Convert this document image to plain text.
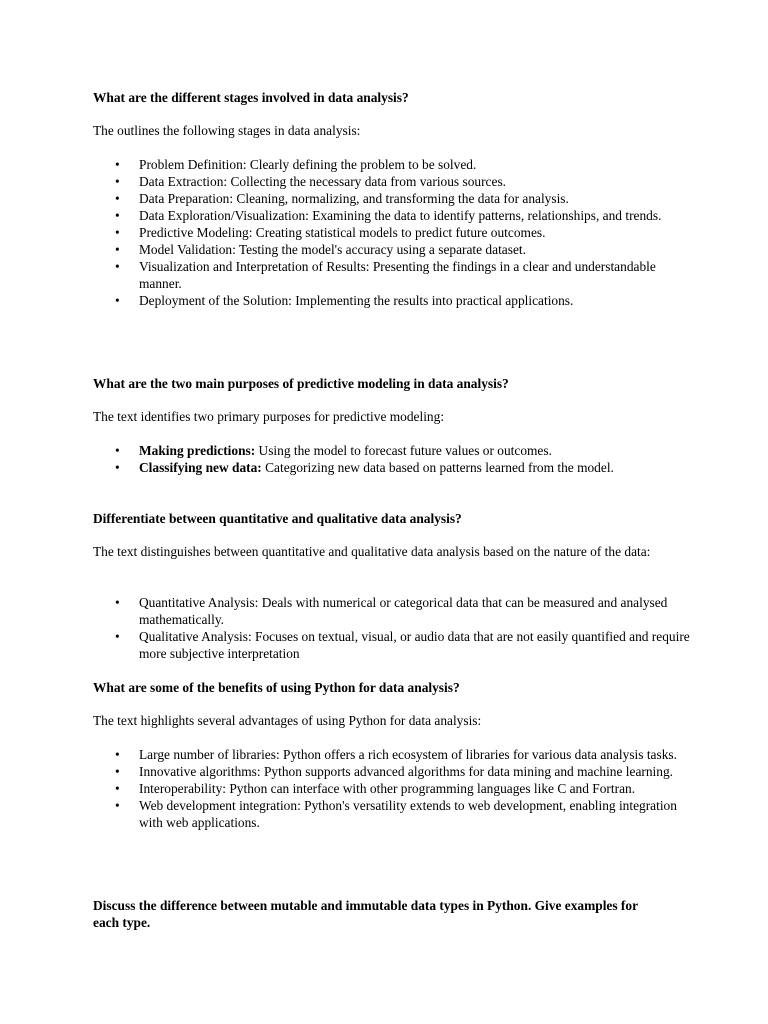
What are the different stages involved in data analysis?

The outlines the following stages in data analysis:

• Problem Definition: Clearly defining the problem to be solved.
• Data Extraction: Collecting the necessary data from various sources.
• Data Preparation: Cleaning, normalizing, and transforming the data for analysis.
• Data Exploration/Visualization: Examining the data to identify patterns, relationships, and trends.
• Predictive Modeling: Creating statistical models to predict future outcomes.
• Model Validation: Testing the model's accuracy using a separate dataset.
• Visualization and Interpretation of Results: Presenting the findings in a clear and understandable manner.
• Deployment of the Solution: Implementing the results into practical applications.

What are the two main purposes of predictive modeling in data analysis?

The text identifies two primary purposes for predictive modeling:

• Making predictions: Using the model to forecast future values or outcomes.
• Classifying new data: Categorizing new data based on patterns learned from the model.

Differentiate between quantitative and qualitative data analysis?

The text distinguishes between quantitative and qualitative data analysis based on the nature of the data:

• Quantitative Analysis: Deals with numerical or categorical data that can be measured and analysed mathematically.
• Qualitative Analysis: Focuses on textual, visual, or audio data that are not easily quantified and require more subjective interpretation

What are some of the benefits of using Python for data analysis?

The text highlights several advantages of using Python for data analysis:

• Large number of libraries: Python offers a rich ecosystem of libraries for various data analysis tasks.
• Innovative algorithms: Python supports advanced algorithms for data mining and machine learning.
• Interoperability: Python can interface with other programming languages like C and Fortran.
• Web development integration: Python's versatility extends to web development, enabling integration with web applications.

Discuss the difference between mutable and immutable data types in Python. Give examples for each type.
